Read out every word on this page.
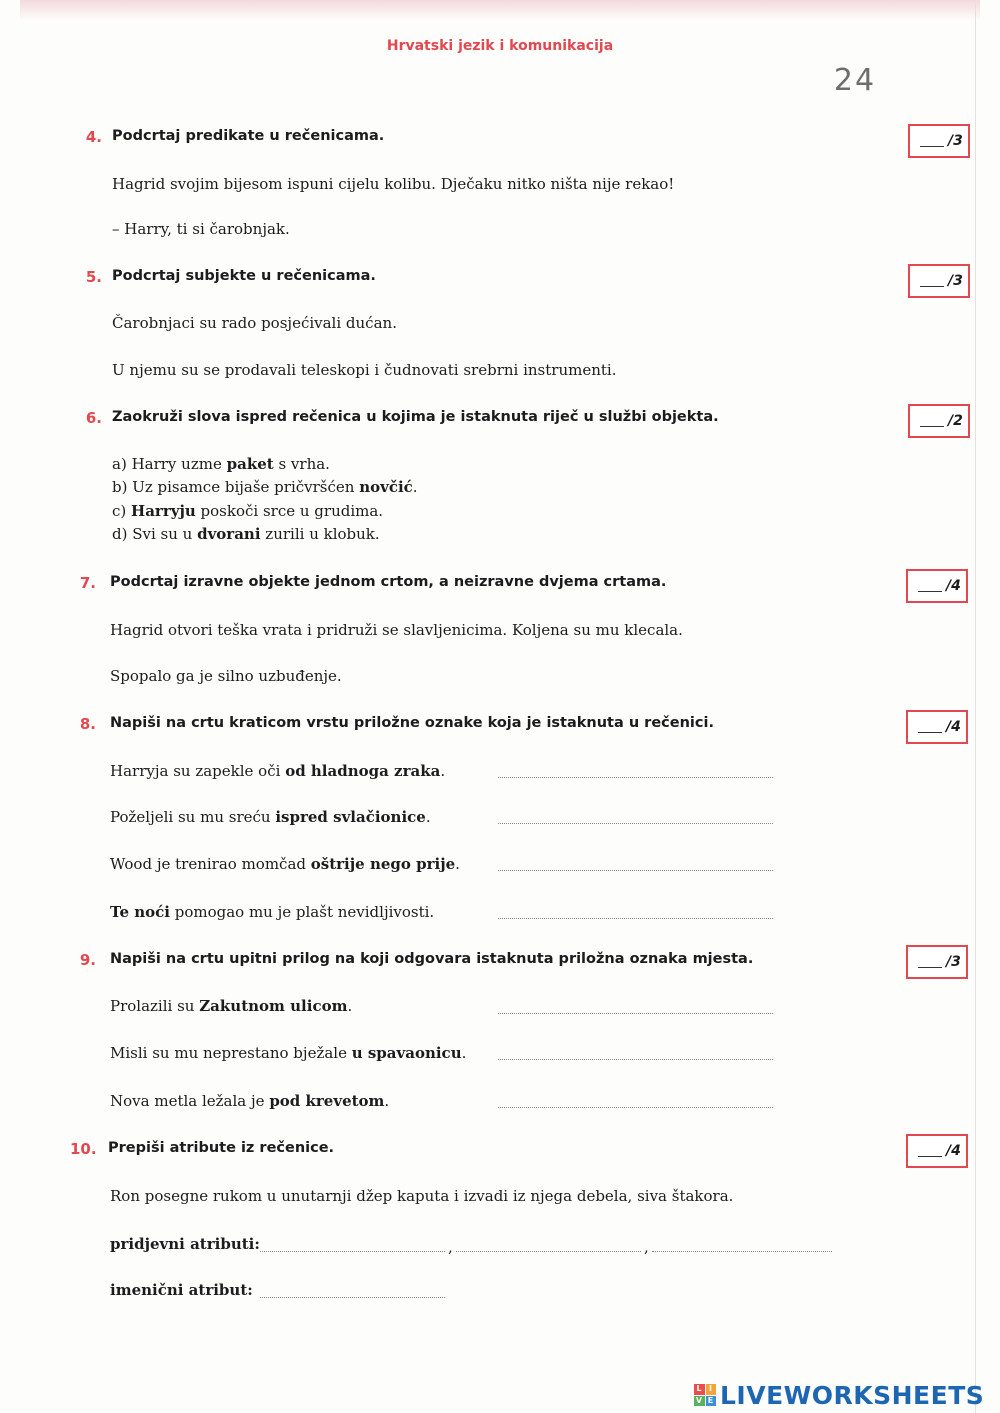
Hrvatski jezik i komunikacija
24
4. Podcrtaj predikate u rečenicama.	/3
Hagrid svojim bijesom ispuni cijelu kolibu. Dječaku nitko ništa nije rekao!
– Harry, ti si čarobnjak.
5. Podcrtaj subjekte u rečenicama.	/3
Čarobnjaci su rado posjećivali dućan.
U njemu su se prodavali teleskopi i čudnovati srebrni instrumenti.
6. Zaokruži slova ispred rečenica u kojima je istaknuta riječ u službi objekta.	/2
a) Harry uzme paket s vrha.
b) Uz pisamce bijaše pričvršćen novčić.
c) Harryju poskoči srce u grudima.
d) Svi su u dvorani zurili u klobuk.
7. Podcrtaj izravne objekte jednom crtom, a neizravne dvjema crtama.	/4
Hagrid otvori teška vrata i pridruži se slavljenicima. Koljena su mu klecala.
Spopalo ga je silno uzbuđenje.
8. Napiši na crtu kraticom vrstu priložne oznake koja je istaknuta u rečenici.	/4
Harryja su zapekle oči od hladnoga zraka.
Poželjeli su mu sreću ispred svlačionice.
Wood je trenirao momčad oštrije nego prije.
Te noći pomogao mu je plašt nevidljivosti.
9. Napiši na crtu upitni prilog na koji odgovara istaknuta priložna oznaka mjesta.	/3
Prolazili su Zakutnom ulicom.
Misli su mu neprestano bježale u spavaonicu.
Nova metla ležala je pod krevetom.
10. Prepiši atribute iz rečenice.	/4
Ron posegne rukom u unutarnji džep kaputa i izvadi iz njega debela, siva štakora.
pridjevni atributi:	,	,
imenični atribut:
L I
V E LIVEWORKSHEETS
